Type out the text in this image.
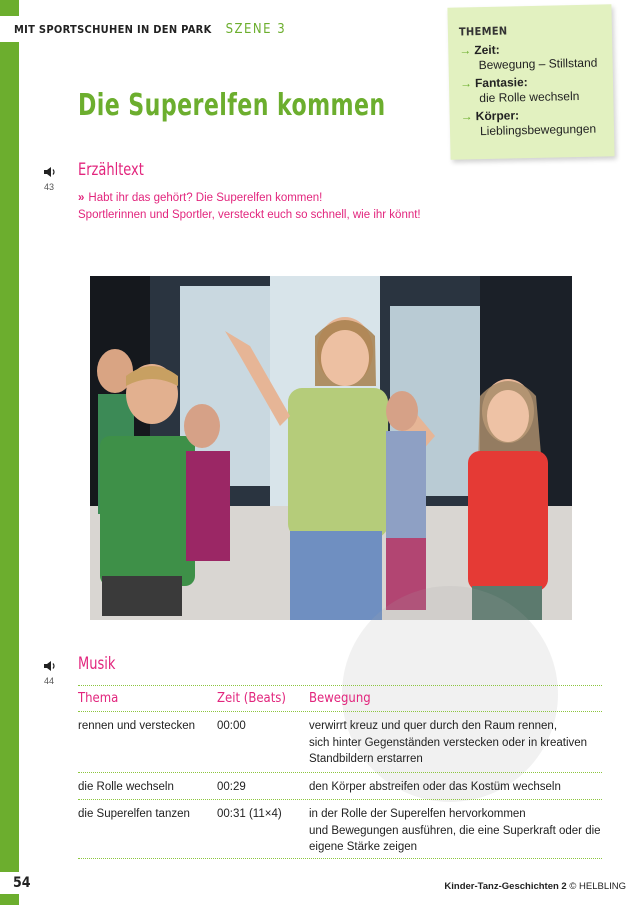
MIT SPORTSCHUHEN IN DEN PARK SZENE 3	THEMEN
→ Zeit:
Bewegung – Stillstand
→ Fantasie:
die Rolle wechseln
→ Körper:
Lieblingsbewegungen
Die Superelfen kommen
43
Erzähltext
» Habt ihr das gehört? Die Superelfen kommen!
Sportlerinnen und Sportler, versteckt euch so schnell, wie ihr könnt!
44
Musik
Thema	Zeit (Beats)	Bewegung
rennen und verstecken	00:00	verwirrt kreuz und quer durch den Raum rennen,
sich hinter Gegenständen verstecken oder in kreativen
Standbildern erstarren
die Rolle wechseln	00:29	den Körper abstreifen oder das Kostüm wechseln
die Superelfen tanzen	00:31 (11×4)	in der Rolle der Superelfen hervorkommen
und Bewegungen ausführen, die eine Superkraft oder die
eigene Stärke zeigen
54	Kinder-Tanz-Geschichten 2 © HELBLING
